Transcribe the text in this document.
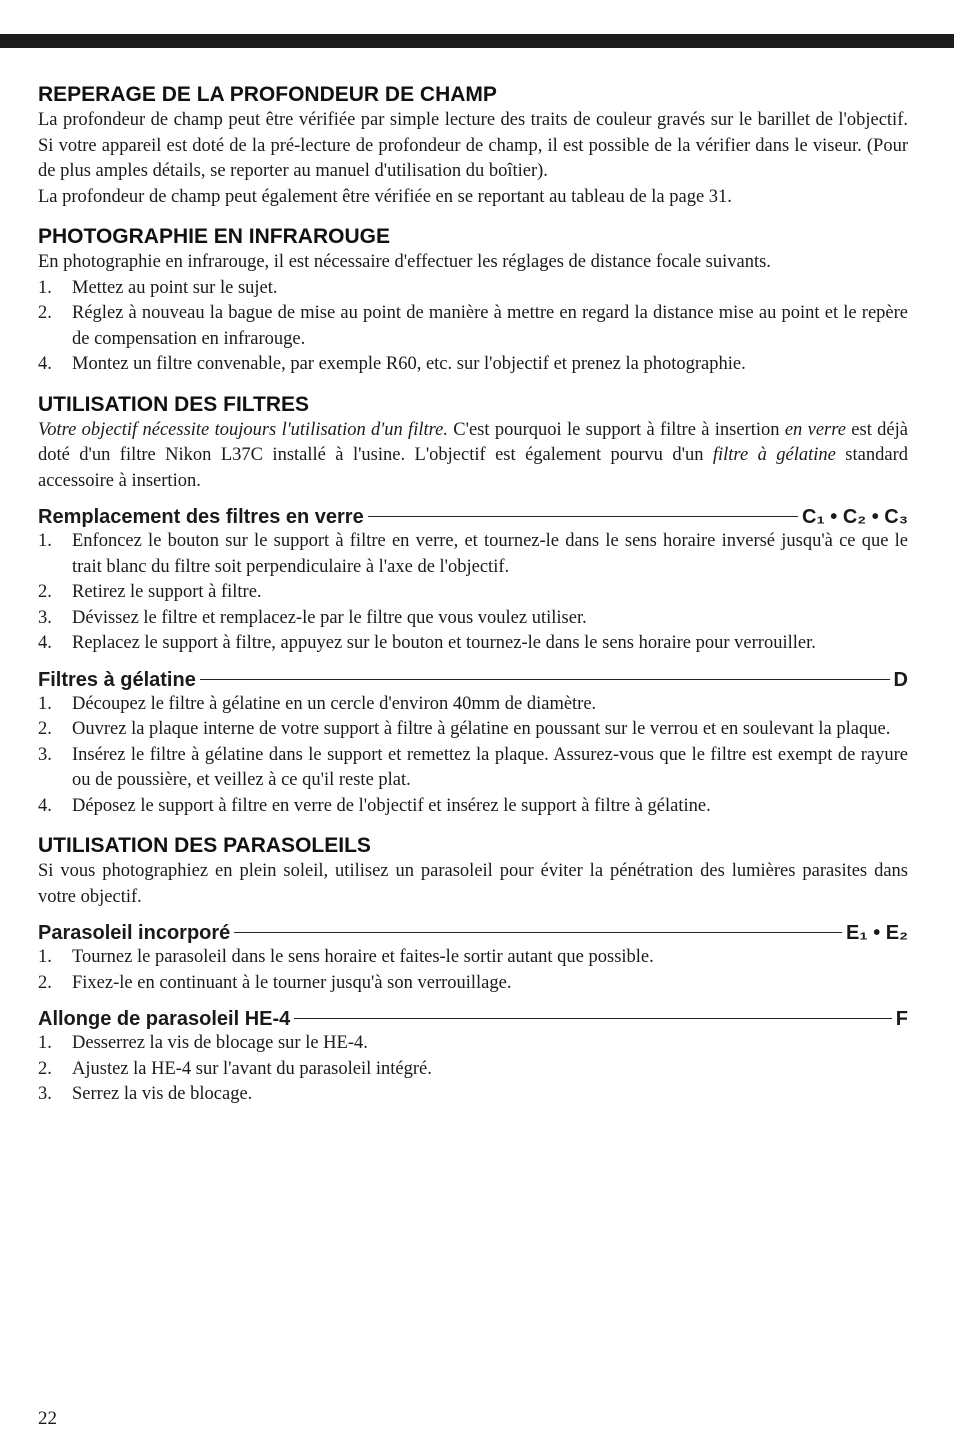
REPERAGE DE LA PROFONDEUR DE CHAMP

La profondeur de champ peut être vérifiée par simple lecture des traits de couleur gravés sur le barillet de l'objectif. Si votre appareil est doté de la pré-lecture de profondeur de champ, il est possible de la vérifier dans le viseur. (Pour de plus amples détails, se reporter au manuel d'utilisation du boîtier).

La profondeur de champ peut également être vérifiée en se reportant au tableau de la page 31.

PHOTOGRAPHIE EN INFRAROUGE

En photographie en infrarouge, il est nécessaire d'effectuer les réglages de distance focale suivants.

1.	Mettez au point sur le sujet.
2.	Réglez à nouveau la bague de mise au point de manière à mettre en regard la distance mise au point et le repère de compensation en infrarouge.
4.	Montez un filtre convenable, par exemple R60, etc. sur l'objectif et prenez la photographie.
UTILISATION DES FILTRES

Votre objectif nécessite toujours l'utilisation d'un filtre. C'est pourquoi le support à filtre à insertion en verre est déjà doté d'un filtre Nikon L37C installé à l'usine. L'objectif est également pourvu d'un filtre à gélatine standard accessoire à insertion.

Remplacement des filtres en verre	C₁ • C₂ • C₃
1.	Enfoncez le bouton sur le support à filtre en verre, et tournez-le dans le sens horaire inversé jusqu'à ce que le trait blanc du filtre soit perpendiculaire à l'axe de l'objectif.
2.	Retirez le support à filtre.
3.	Dévissez le filtre et remplacez-le par le filtre que vous voulez utiliser.
4.	Replacez le support à filtre, appuyez sur le bouton et tournez-le dans le sens horaire pour verrouiller.
Filtres à gélatine	D
1.	Découpez le filtre à gélatine en un cercle d'environ 40mm de diamètre.
2.	Ouvrez la plaque interne de votre support à filtre à gélatine en poussant sur le verrou et en soulevant la plaque.
3.	Insérez le filtre à gélatine dans le support et remettez la plaque. Assurez-vous que le filtre est exempt de rayure ou de poussière, et veillez à ce qu'il reste plat.
4.	Déposez le support à filtre en verre de l'objectif et insérez le support à filtre à gélatine.
UTILISATION DES PARASOLEILS

Si vous photographiez en plein soleil, utilisez un parasoleil pour éviter la pénétration des lumières parasites dans votre objectif.

Parasoleil incorporé	E₁ • E₂
1.	Tournez le parasoleil dans le sens horaire et faites-le sortir autant que possible.
2.	Fixez-le en continuant à le tourner jusqu'à son verrouillage.
Allonge de parasoleil HE-4	F
1.	Desserrez la vis de blocage sur le HE-4.
2.	Ajustez la HE-4 sur l'avant du parasoleil intégré.
3.	Serrez la vis de blocage.
22
